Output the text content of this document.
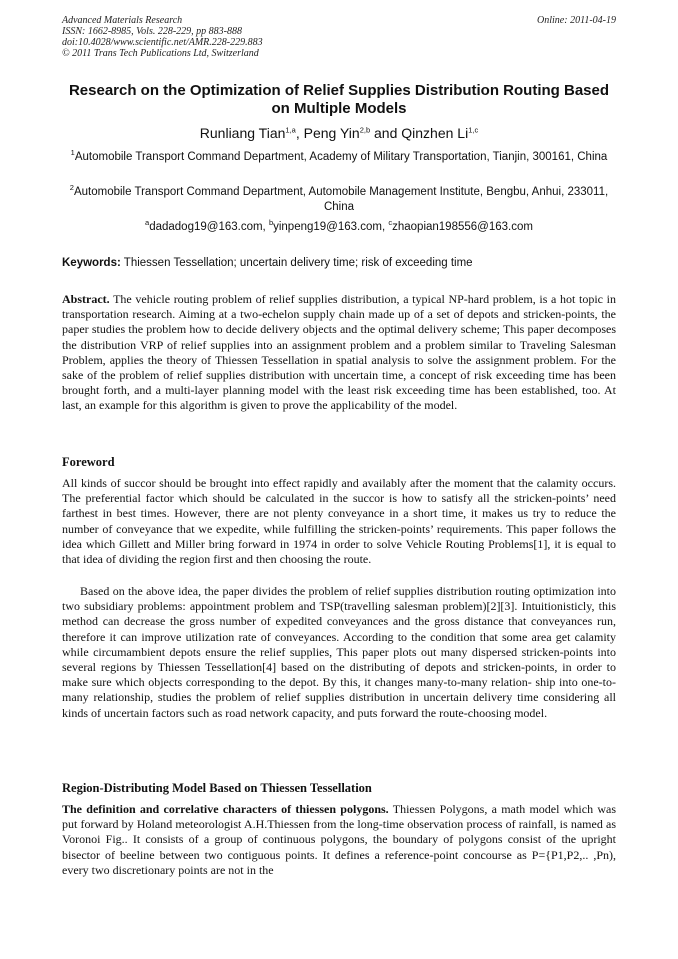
Advanced Materials Research
ISSN: 1662-8985, Vols. 228-229, pp 883-888
doi:10.4028/www.scientific.net/AMR.228-229.883
© 2011 Trans Tech Publications Ltd, Switzerland
Online: 2011-04-19
Research on the Optimization of Relief Supplies Distribution Routing Based on Multiple Models
Runliang Tian$^{1,a}$, Peng Yin$^{2,b}$ and Qinzhen Li$^{1,c}$
$^1$Automobile Transport Command Department, Academy of Military Transportation, Tianjin, 300161, China
$^2$Automobile Transport Command Department, Automobile Management Institute, Bengbu, Anhui, 233011, China
$^a$dadadog19@163.com, $^b$yinpeng19@163.com, $^c$zhaopian198556@163.com
Keywords: Thiessen Tessellation; uncertain delivery time; risk of exceeding time
Abstract. The vehicle routing problem of relief supplies distribution, a typical NP-hard problem, is a hot topic in transportation research. Aiming at a two-echelon supply chain made up of a set of depots and stricken-points, the paper studies the problem how to decide delivery objects and the optimal delivery scheme; This paper decomposes the distribution VRP of relief supplies into an assignment problem and a problem similar to Traveling Salesman Problem, applies the theory of Thiessen Tessellation in spatial analysis to solve the assignment problem. For the sake of the problem of relief supplies distribution with uncertain time, a concept of risk exceeding time has been brought forth, and a multi-layer planning model with the least risk exceeding time has been established, too. At last, an example for this algorithm is given to prove the applicability of the model.
Foreword
All kinds of succor should be brought into effect rapidly and availably after the moment that the calamity occurs. The preferential factor which should be calculated in the succor is how to satisfy all the stricken-points’ need farthest in best times. However, there are not plenty conveyance in a short time, it makes us try to reduce the number of conveyance that we expedite, while fulfilling the stricken-points’ requirements. This paper follows the idea which Gillett and Miller bring forward in 1974 in order to solve Vehicle Routing Problems[1], it is equal to that idea of dividing the region first and then choosing the route.
Based on the above idea, the paper divides the problem of relief supplies distribution routing optimization into two subsidiary problems: appointment problem and TSP(travelling salesman problem)[2][3]. Intuitionisticly, this method can decrease the gross number of expedited conveyances and the gross distance that conveyances run, therefore it can improve utilization rate of conveyances. According to the condition that some area get calamity while circumambient depots ensure the relief supplies, This paper plots out many dispersed stricken-points into several regions by Thiessen Tessellation[4] based on the distributing of depots and stricken-points, in order to make sure which objects corresponding to the depot. By this, it changes many-to-many relation- ship into one-to-many relationship, studies the problem of relief supplies distribution in uncertain delivery time considering all kinds of uncertain factors such as road network capacity, and puts forward the route-choosing model.
Region-Distributing Model Based on Thiessen Tessellation
The definition and correlative characters of thiessen polygons. Thiessen Polygons, a math model which was put forward by Holand meteorologist A.H.Thiessen from the long-time observation process of rainfall, is named as Voronoi Fig.. It consists of a group of continuous polygons, the boundary of polygons consist of the upright bisector of beeline between two contiguous points. It defines a reference-point concourse as P={P1,P2,.. ,Pn), every two discretionary points are not in the
